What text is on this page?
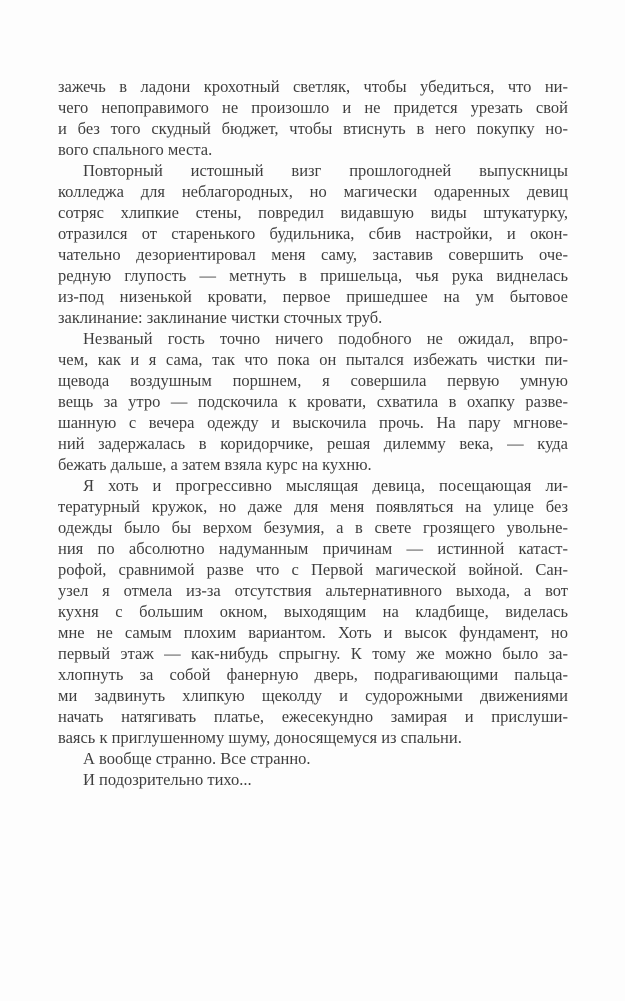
зажечь в ладони крохотный светляк, чтобы убедиться, что ни-
чего непоправимого не произошло и не придется урезать свой
и без того скудный бюджет, чтобы втиснуть в него покупку но-
вого спального места.
Повторный истошный визг прошлогодней выпускницы
колледжа для неблагородных, но магически одаренных девиц
сотряс хлипкие стены, повредил видавшую виды штукатурку,
отразился от старенького будильника, сбив настройки, и окон-
чательно дезориентировал меня саму, заставив совершить оче-
редную глупость — метнуть в пришельца, чья рука виднелась
из-под низенькой кровати, первое пришедшее на ум бытовое
заклинание: заклинание чистки сточных труб.
Незваный гость точно ничего подобного не ожидал, впро-
чем, как и я сама, так что пока он пытался избежать чистки пи-
щевода воздушным поршнем, я совершила первую умную
вещь за утро — подскочила к кровати, схватила в охапку разве-
шанную с вечера одежду и выскочила прочь. На пару мгнове-
ний задержалась в коридорчике, решая дилемму века, — куда
бежать дальше, а затем взяла курс на кухню.
Я хоть и прогрессивно мыслящая девица, посещающая ли-
тературный кружок, но даже для меня появляться на улице без
одежды было бы верхом безумия, а в свете грозящего увольне-
ния по абсолютно надуманным причинам — истинной катаст-
рофой, сравнимой разве что с Первой магической войной. Сан-
узел я отмела из-за отсутствия альтернативного выхода, а вот
кухня с большим окном, выходящим на кладбище, виделась
мне не самым плохим вариантом. Хоть и высок фундамент, но
первый этаж — как-нибудь спрыгну. К тому же можно было за-
хлопнуть за собой фанерную дверь, подрагивающими пальца-
ми задвинуть хлипкую щеколду и судорожными движениями
начать натягивать платье, ежесекундно замирая и прислуши-
ваясь к приглушенному шуму, доносящемуся из спальни.
А вообще странно. Все странно.
И подозрительно тихо...
